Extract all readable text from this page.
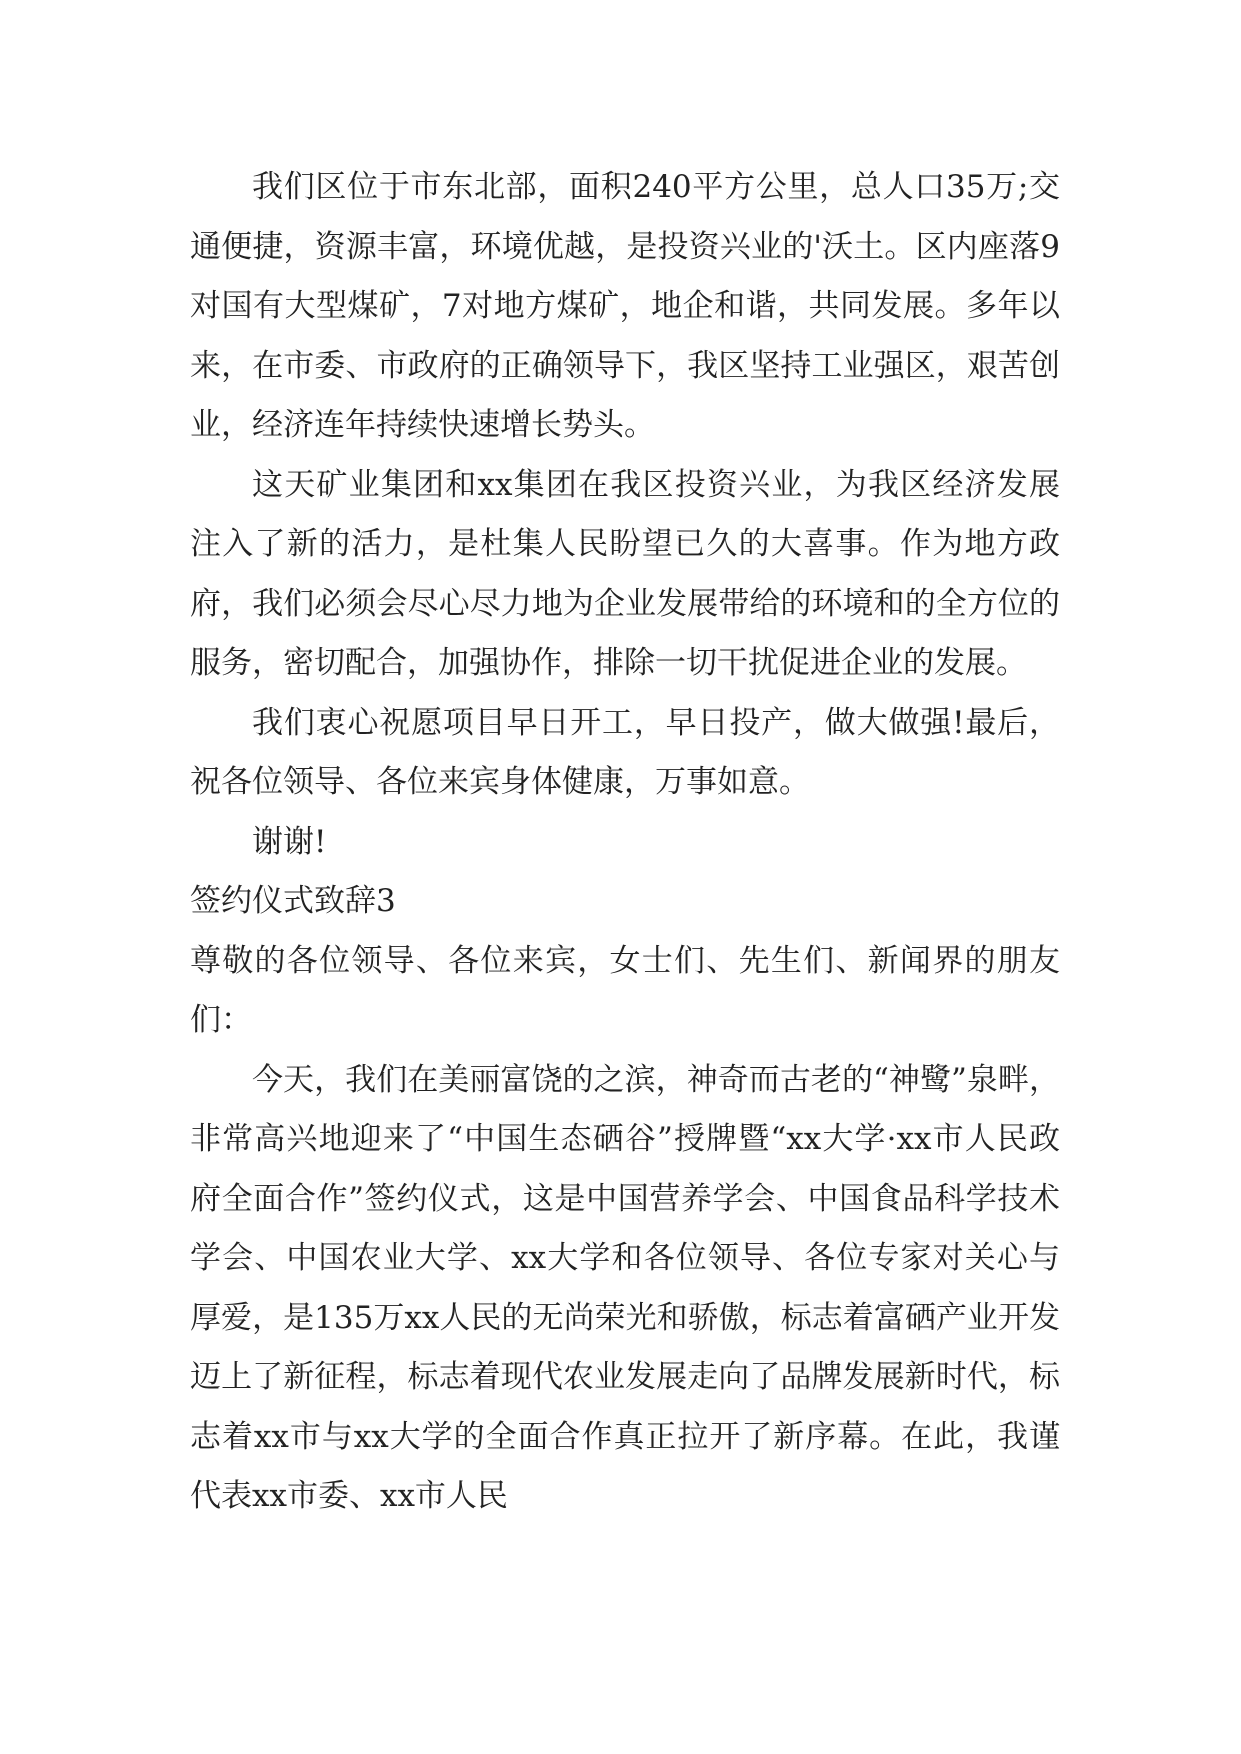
我们区位于市东北部，面积240平方公里，总人口35万;交通便捷，资源丰富，环境优越，是投资兴业的'沃土。区内座落9对国有大型煤矿，7对地方煤矿，地企和谐，共同发展。多年以来，在市委、市政府的正确领导下，我区坚持工业强区，艰苦创业，经济连年持续快速增长势头。

这天矿业集团和xx集团在我区投资兴业，为我区经济发展注入了新的活力，是杜集人民盼望已久的大喜事。作为地方政府，我们必须会尽心尽力地为企业发展带给的环境和的全方位的服务，密切配合，加强协作，排除一切干扰促进企业的发展。

我们衷心祝愿项目早日开工，早日投产，做大做强!最后，祝各位领导、各位来宾身体健康，万事如意。

谢谢!

签约仪式致辞3

尊敬的各位领导、各位来宾，女士们、先生们、新闻界的朋友们：

今天，我们在美丽富饶的之滨，神奇而古老的“神鹭”泉畔，非常高兴地迎来了“中国生态硒谷”授牌暨“xx大学·xx市人民政府全面合作”签约仪式，这是中国营养学会、中国食品科学技术学会、中国农业大学、xx大学和各位领导、各位专家对关心与厚爱，是135万xx人民的无尚荣光和骄傲，标志着富硒产业开发迈上了新征程，标志着现代农业发展走向了品牌发展新时代，标志着xx市与xx大学的全面合作真正拉开了新序幕。在此，我谨代表xx市委、xx市人民
